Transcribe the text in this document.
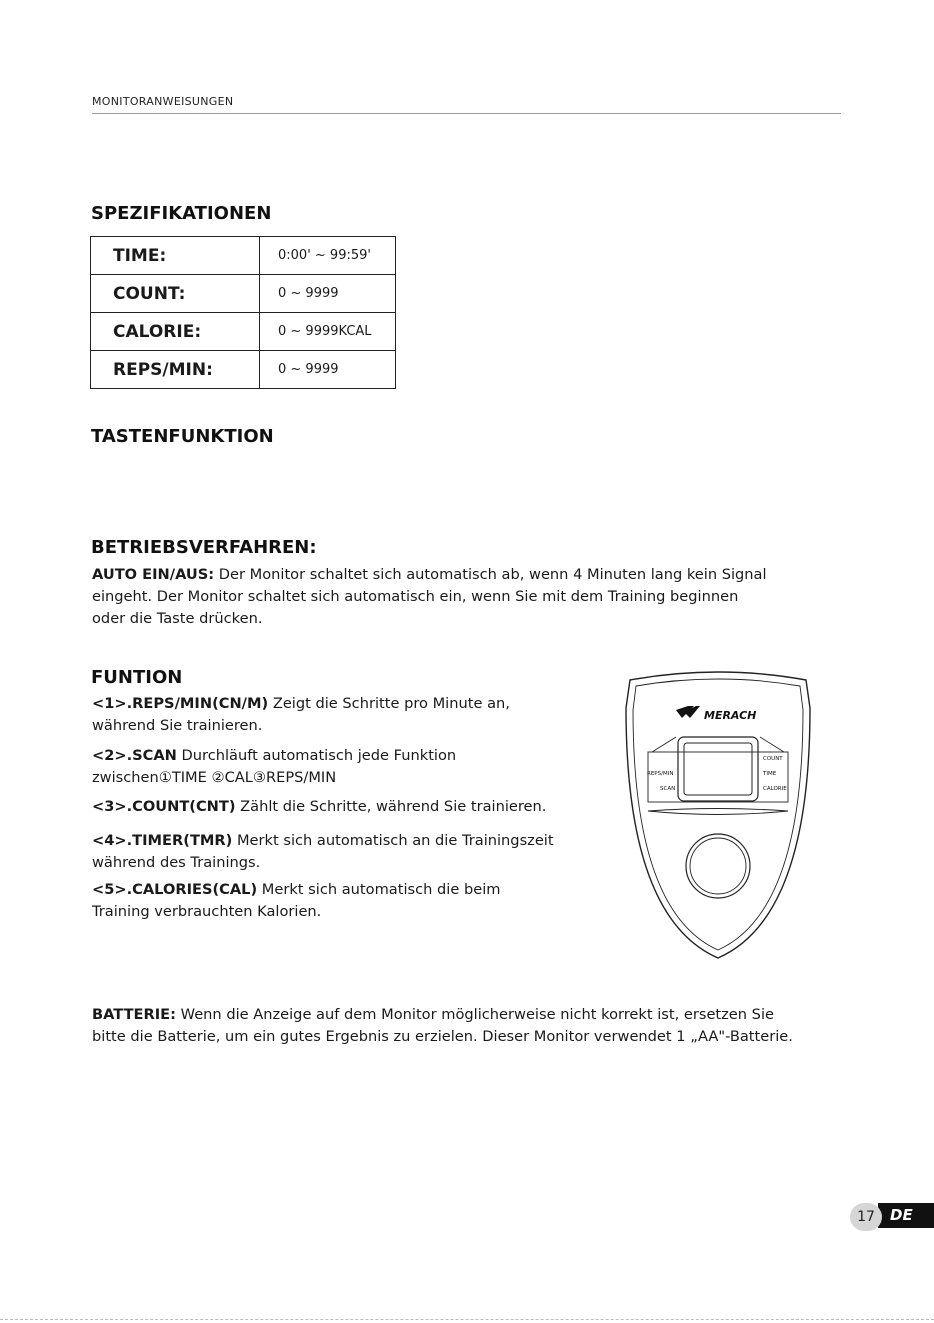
MONITORANWEISUNGEN
SPEZIFIKATIONEN
TIME:	0:00' ~ 99:59'
COUNT:	0 ~ 9999
CALORIE:	0 ~ 9999KCAL
REPS/MIN:	0 ~ 9999
TASTENFUNKTION
BETRIEBSVERFAHREN:
AUTO EIN/AUS: Der Monitor schaltet sich automatisch ab, wenn 4 Minuten lang kein Signal
eingeht. Der Monitor schaltet sich automatisch ein, wenn Sie mit dem Training beginnen
oder die Taste drücken.
FUNTION
<1>.REPS/MIN(CN/M) Zeigt die Schritte pro Minute an,
während Sie trainieren.
<2>.SCAN Durchläuft automatisch jede Funktion
zwischen①TIME ②CAL③REPS/MIN
<3>.COUNT(CNT) Zählt die Schritte, während Sie trainieren.
<4>.TIMER(TMR) Merkt sich automatisch an die Trainingszeit
während des Trainings.
<5>.CALORIES(CAL) Merkt sich automatisch die beim
Training verbrauchten Kalorien.
MERACH
REPS/MIN
SCAN
COUNT
TIME
CALORIE
BATTERIE: Wenn die Anzeige auf dem Monitor möglicherweise nicht korrekt ist, ersetzen Sie
bitte die Batterie, um ein gutes Ergebnis zu erzielen. Dieser Monitor verwendet 1 „AA"-Batterie.
DE
17
